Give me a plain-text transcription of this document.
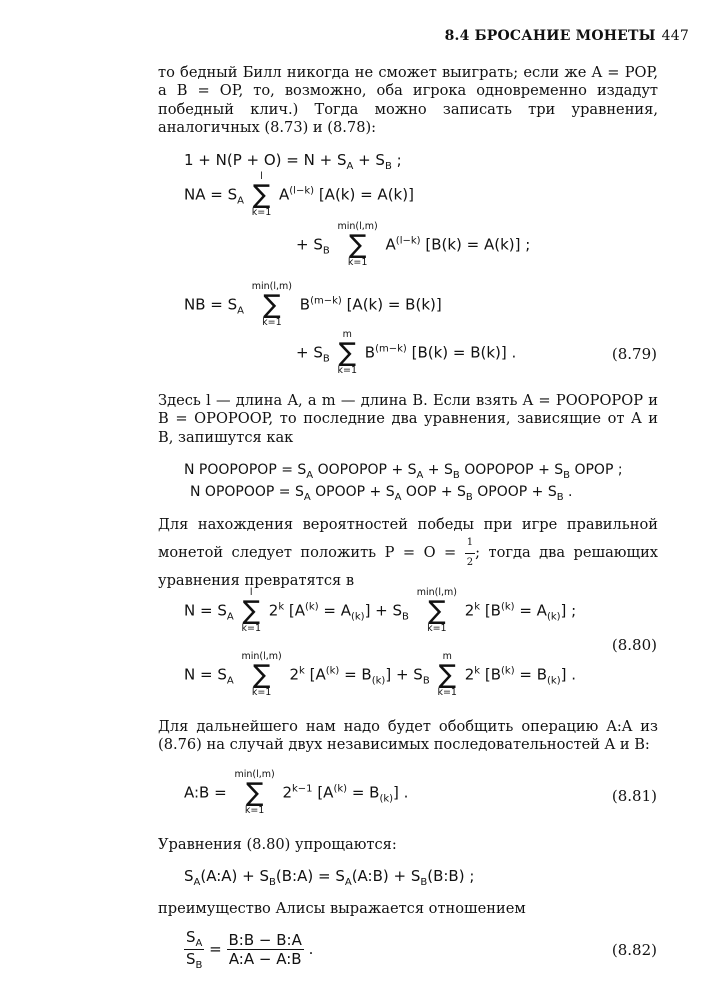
8.4 БРОСАНИЕ МОНЕТЫ 447
то бедный Билл никогда не сможет выиграть; если же A = POP, a B = OP, то, возможно, оба игрока одновременно издадут победный клич.) Тогда можно записать три уравнения, аналогичных (8.73) и (8.78):
$1 + N(P + O) = N + S_A + S_B$ ;
NA = $S_A$
l
∑
k=1
$A^{(l-k)}$ [A(k) = A(k)]
+ $S_B$
min(l,m)
∑
k=1
$A^{(l-k)}$ [B(k) = A(k)] ;
NB = $S_A$
min(l,m)
∑
k=1
$B^{(m-k)}$ [A(k) = B(k)]
+ $S_B$
m
∑
k=1
$B^{(m-k)}$ [B(k) = B(k)] .	(8.79)
Здесь l — длина A, a m — длина B. Если взять A = POOPOPOP и B = OPOPOOP, то последние два уравнения, зависящие от A и B, запишутся как
N POOPOPOP = $S_A$ OOPOPOP + $S_A + S_B$ OOPOPOP + $S_B$ OPOP ;
N OPOPOOP = $S_A$ OPOOP + $S_A$ OOP + $S_B$ OPOOP + $S_B$ .
Для нахождения вероятностей победы при игре правильной монетой следует положить $P = O = \frac{1}{2}$ ; тогда два решающих уравнения превратятся в
$N = S_A$
l
∑
k=1
2$^k$ $[A^{(k)} = A_{(k)}] + S_B$
min(l,m)
∑
k=1
2$^k$ $[B^{(k)} = A_{(k)}]$ ;
(8.80)
$N = S_A$
min(l,m)
∑
k=1
2$^k$ $[A^{(k)} = B_{(k)}] + S_B$
m
∑
k=1
2$^k$ $[B^{(k)} = B_{(k)}]$ .
Для дальнейшего нам надо будет обобщить операцию A:A из (8.76) на случай двух независимых последовательностей A и B:
A:B =
min(l,m)
∑
k=1
$2^{k-1}$ $[A^{(k)} = B_{(k)}]$ .	(8.81)
Уравнения (8.80) упрощаются:
$S_A(A:A)$ + $S_B(B:A)$ = $S_A(A:B)$ + $S_B(B:B)$ ;
преимущество Алисы выражается отношением
$\frac{S_A}{S_B} = \frac{B:B - B:A}{A:A - A:B}$ .	(8.82)
